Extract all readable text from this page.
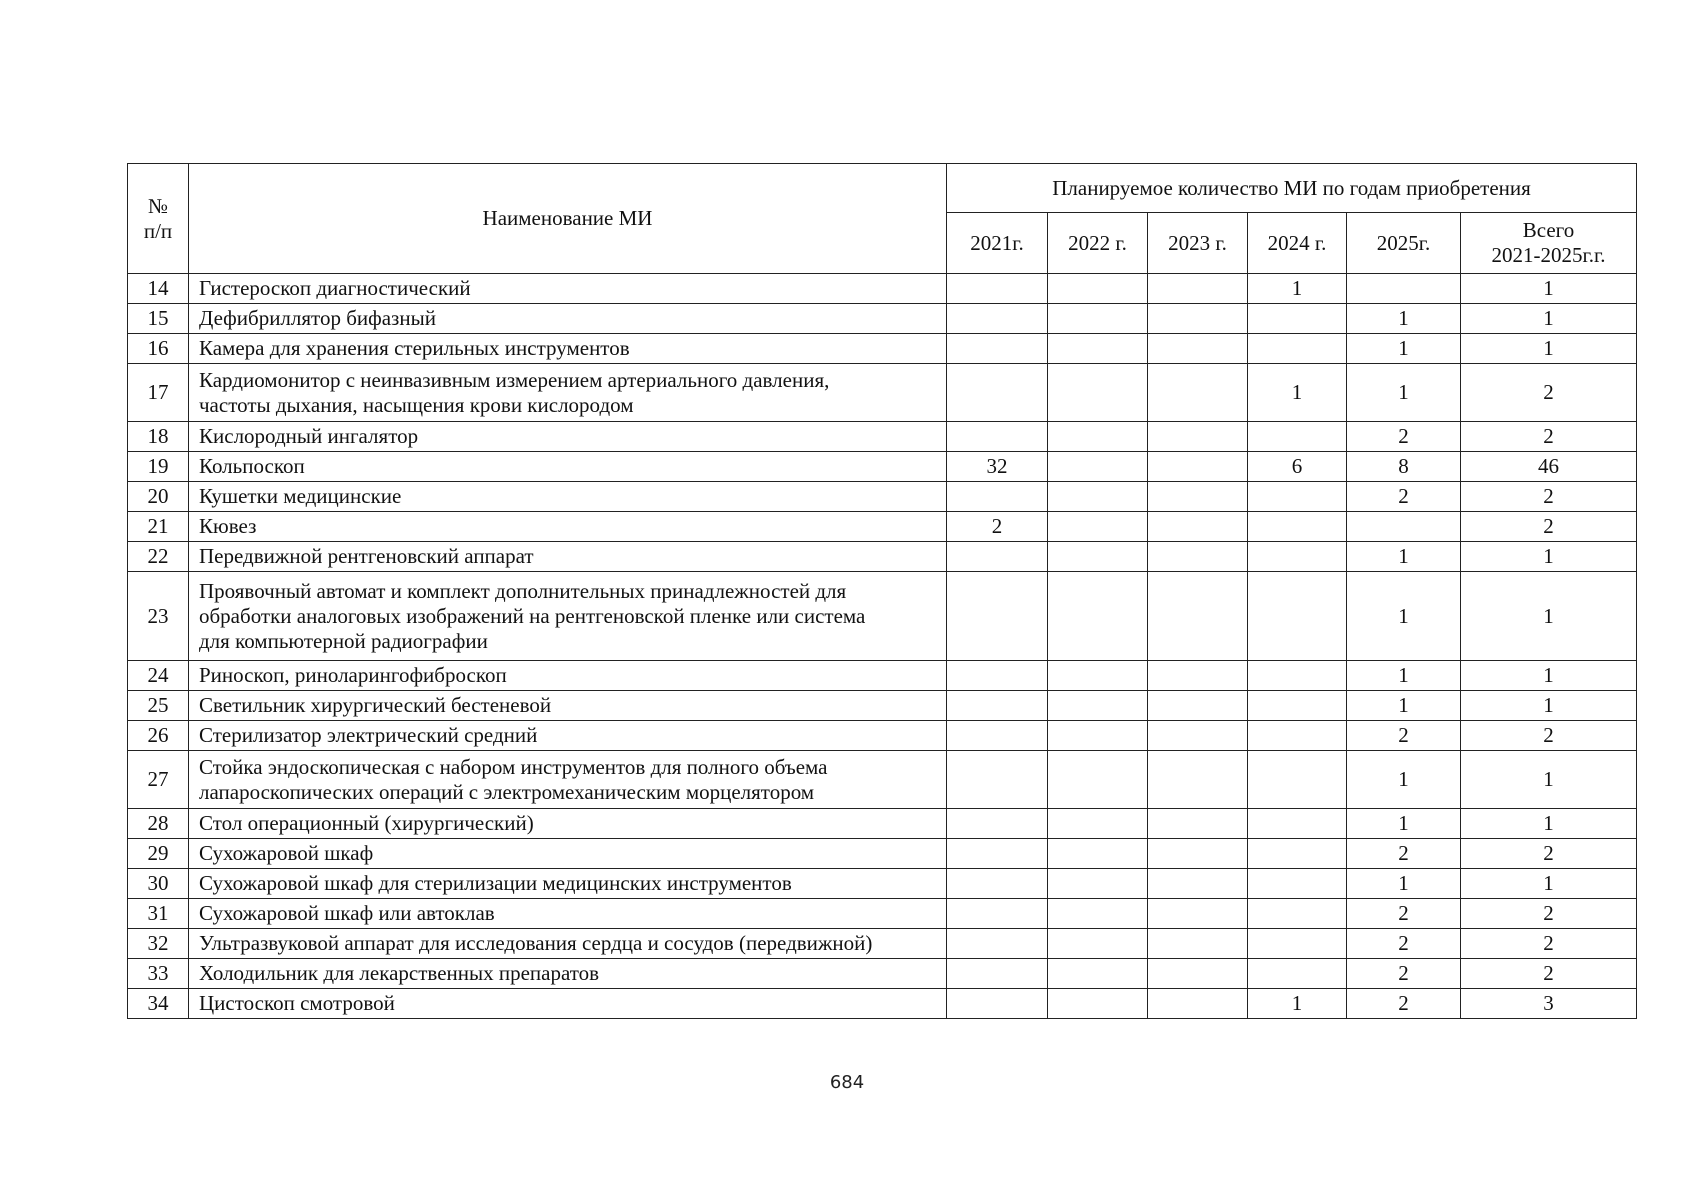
№
п/п	Наименование МИ	Планируемое количество МИ по годам приобретения					
		2021г.	2022 г.	2023 г.	2024 г.	2025г.	Всего
2021-2025г.г.
14	Гистероскоп диагностический				1		1
15	Дефибриллятор бифазный					1	1
16	Камера для хранения стерильных инструментов					1	1
17	Кардиомонитор с неинвазивным измерением артериального давления,
частоты дыхания, насыщения крови кислородом				1	1	2
18	Кислородный ингалятор					2	2
19	Кольпоскоп	32			6	8	46
20	Кушетки медицинские					2	2
21	Кювез	2					2
22	Передвижной рентгеновский аппарат					1	1
23	Проявочный автомат и комплект дополнительных принадлежностей для
обработки аналоговых изображений на рентгеновской пленке или система
для компьютерной радиографии					1	1
24	Риноскоп, риноларингофиброскоп					1	1
25	Светильник хирургический бестеневой					1	1
26	Стерилизатор электрический средний					2	2
27	Стойка эндоскопическая с набором инструментов для полного объема
лапароскопических операций с электромеханическим морцелятором					1	1
28	Стол операционный (хирургический)					1	1
29	Сухожаровой шкаф					2	2
30	Сухожаровой шкаф для стерилизации медицинских инструментов					1	1
31	Сухожаровой шкаф или автоклав					2	2
32	Ультразвуковой аппарат для исследования сердца и сосудов (передвижной)					2	2
33	Холодильник для лекарственных препаратов					2	2
34	Цистоскоп смотровой				1	2	3
684
